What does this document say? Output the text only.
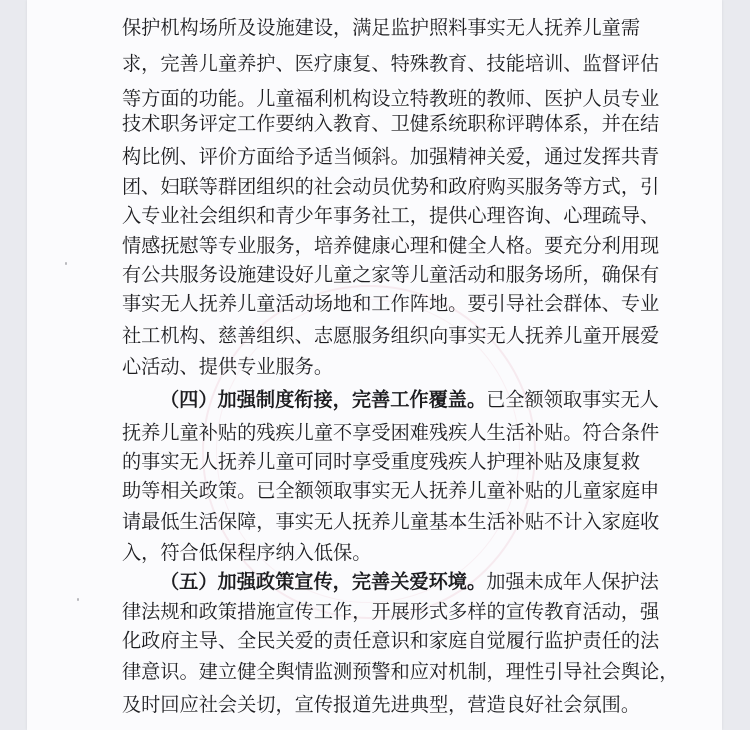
保护机构场所及设施建设，满足监护照料事实无人抚养儿童需
求，完善儿童养护、医疗康复、特殊教育、技能培训、监督评估
等方面的功能。儿童福利机构设立特教班的教师、医护人员专业
技术职务评定工作要纳入教育、卫健系统职称评聘体系，并在结
构比例、评价方面给予适当倾斜。加强精神关爱，通过发挥共青
团、妇联等群团组织的社会动员优势和政府购买服务等方式，引
入专业社会组织和青少年事务社工，提供心理咨询、心理疏导、
情感抚慰等专业服务，培养健康心理和健全人格。要充分利用现
有公共服务设施建设好儿童之家等儿童活动和服务场所，确保有
事实无人抚养儿童活动场地和工作阵地。要引导社会群体、专业
社工机构、慈善组织、志愿服务组织向事实无人抚养儿童开展爱
心活动、提供专业服务。
（四）加强制度衔接，完善工作覆盖。已全额领取事实无人
抚养儿童补贴的残疾儿童不享受困难残疾人生活补贴。符合条件
的事实无人抚养儿童可同时享受重度残疾人护理补贴及康复救
助等相关政策。已全额领取事实无人抚养儿童补贴的儿童家庭申
请最低生活保障，事实无人抚养儿童基本生活补贴不计入家庭收
入，符合低保程序纳入低保。
（五）加强政策宣传，完善关爱环境。加强未成年人保护法
律法规和政策措施宣传工作，开展形式多样的宣传教育活动，强
化政府主导、全民关爱的责任意识和家庭自觉履行监护责任的法
律意识。建立健全舆情监测预警和应对机制，理性引导社会舆论，
及时回应社会关切，宣传报道先进典型，营造良好社会氛围。
